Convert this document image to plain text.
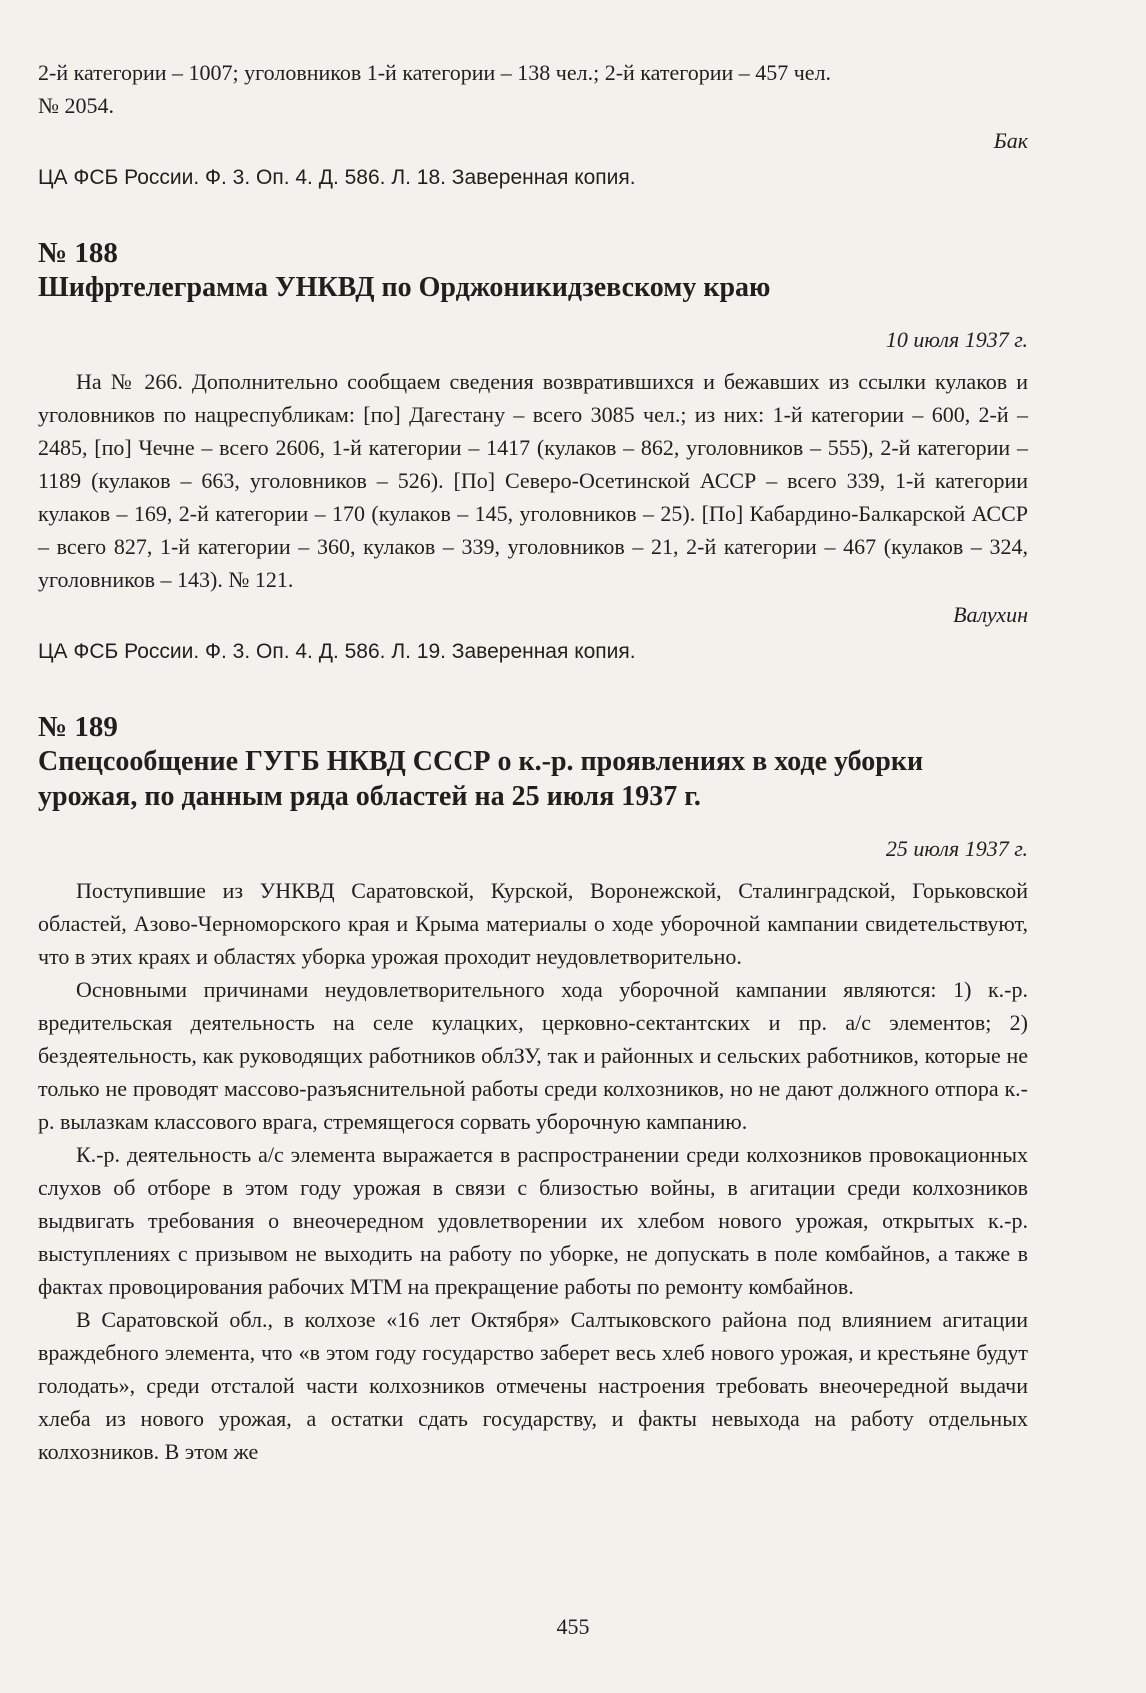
2-й категории – 1007; уголовников 1-й категории – 138 чел.; 2-й категории – 457 чел.

№ 2054.

Бак

ЦА ФСБ России. Ф. 3. Оп. 4. Д. 586. Л. 18. Заверенная копия.

№ 188

Шифртелеграмма УНКВД по Орджоникидзевскому краю

10 июля 1937 г.

На № 266. Дополнительно сообщаем сведения возвратившихся и бежавших из ссылки кулаков и уголовников по нацреспубликам: [по] Дагестану – всего 3085 чел.; из них: 1-й категории – 600, 2-й – 2485, [по] Чечне – всего 2606, 1-й категории – 1417 (кулаков – 862, уголовников – 555), 2-й категории – 1189 (кулаков – 663, уголовников – 526). [По] Северо-Осетинской АССР – всего 339, 1-й категории кулаков – 169, 2-й категории – 170 (кулаков – 145, уголовников – 25). [По] Кабардино-Балкарской АССР – всего 827, 1-й категории – 360, кулаков – 339, уголовников – 21, 2-й категории – 467 (кулаков – 324, уголовников – 143). № 121.

Валухин

ЦА ФСБ России. Ф. 3. Оп. 4. Д. 586. Л. 19. Заверенная копия.

№ 189

Спецсообщение ГУГБ НКВД СССР о к.-р. проявлениях в ходе уборки урожая, по данным ряда областей на 25 июля 1937 г.

25 июля 1937 г.

Поступившие из УНКВД Саратовской, Курской, Воронежской, Сталинградской, Горьковской областей, Азово-Черноморского края и Крыма материалы о ходе уборочной кампании свидетельствуют, что в этих краях и областях уборка урожая проходит неудовлетворительно.

Основными причинами неудовлетворительного хода уборочной кампании являются: 1) к.-р. вредительская деятельность на селе кулацких, церковно-сектантских и пр. а/с элементов; 2) бездеятельность, как руководящих работников облЗУ, так и районных и сельских работников, которые не только не проводят массово-разъяснительной работы среди колхозников, но не дают должного отпора к.-р. вылазкам классового врага, стремящегося сорвать уборочную кампанию.

К.-р. деятельность а/с элемента выражается в распространении среди колхозников провокационных слухов об отборе в этом году урожая в связи с близостью войны, в агитации среди колхозников выдвигать требования о внеочередном удовлетворении их хлебом нового урожая, открытых к.-р. выступлениях с призывом не выходить на работу по уборке, не допускать в поле комбайнов, а также в фактах провоцирования рабочих МТМ на прекращение работы по ремонту комбайнов.

В Саратовской обл., в колхозе «16 лет Октября» Салтыковского района под влиянием агитации враждебного элемента, что «в этом году государство заберет весь хлеб нового урожая, и крестьяне будут голодать», среди отсталой части колхозников отмечены настроения требовать внеочередной выдачи хлеба из нового урожая, а остатки сдать государству, и факты невыхода на работу отдельных колхозников. В этом же

455
